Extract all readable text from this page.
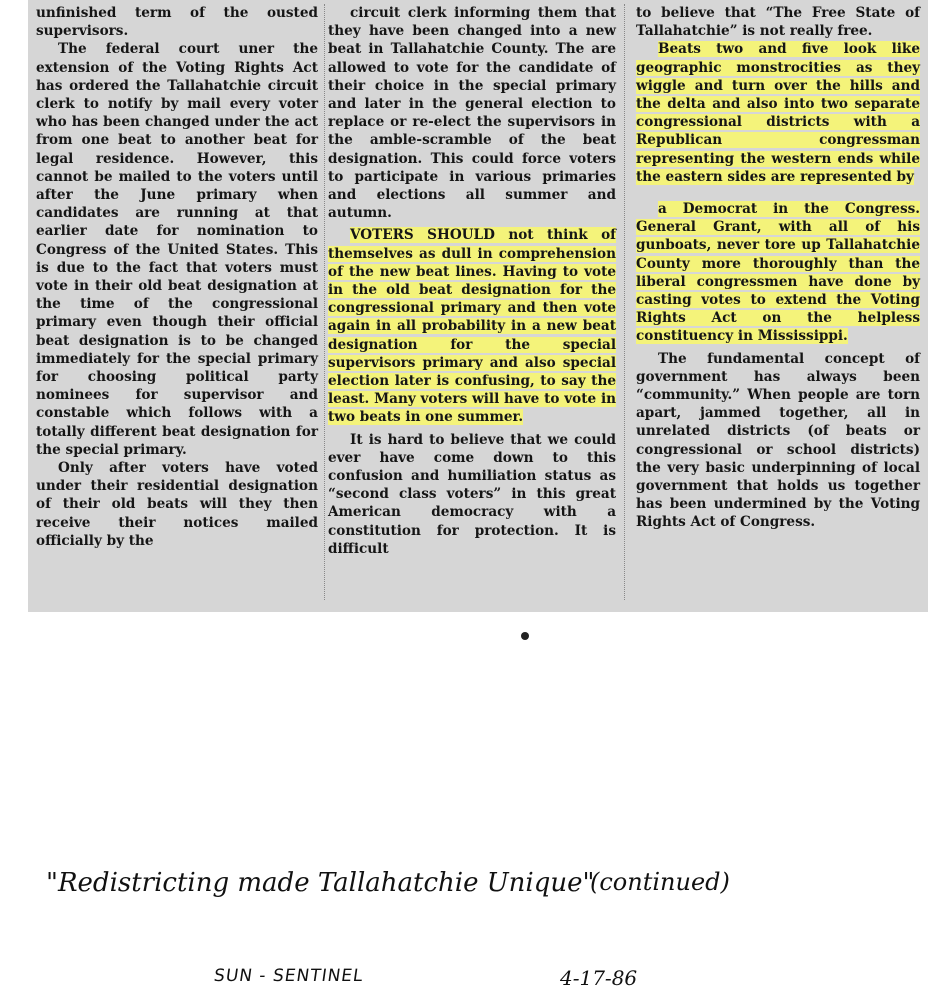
unfinished term of the ousted supervisors.

The federal court uner the extension of the Voting Rights Act has ordered the Tallahatchie circuit clerk to notify by mail every voter who has been changed under the act from one beat to another beat for legal residence. However, this cannot be mailed to the voters until after the June primary when candidates are running at that earlier date for nomination to Congress of the United States. This is due to the fact that voters must vote in their old beat designation at the time of the congressional primary even though their official beat designation is to be changed immediately for the special primary for choosing political party nominees for supervisor and constable which follows with a totally different beat designation for the special primary.

Only after voters have voted under their residential designation of their old beats will they then receive their notices mailed officially by the

circuit clerk informing them that they have been changed into a new beat in Tallahatchie County. The are allowed to vote for the candidate of their choice in the special primary and later in the general election to replace or re-elect the supervisors in the amble-scramble of the beat designation. This could force voters to participate in various primaries and elections all summer and autumn.

VOTERS SHOULD not think of themselves as dull in comprehension of the new beat lines. Having to vote in the old beat designation for the congressional primary and then vote again in all probability in a new beat designation for the special supervisors primary and also special election later is confusing, to say the least. Many voters will have to vote in two beats in one summer.

It is hard to believe that we could ever have come down to this confusion and humiliation status as “second class voters” in this great American democracy with a constitution for protection. It is difficult

to believe that “The Free State of Tallahatchie” is not really free.

Beats two and five look like geographic monstrocities as they wiggle and turn over the hills and the delta and also into two separate congressional districts with a Republican congressman representing the western ends while the eastern sides are represented by

a Democrat in the Congress. General Grant, with all of his gunboats, never tore up Tallahatchie County more thoroughly than the liberal congressmen have done by casting votes to extend the Voting Rights Act on the helpless constituency in Mississippi.

The fundamental concept of government has always been “community.” When people are torn apart, jammed together, all in unrelated districts (of beats or congressional or school districts) the very basic underpinning of local government that holds us together has been undermined by the Voting Rights Act of Congress.

"Redistricting made Tallahatchie Unique"
(continued)
SUN - SENTINEL	4-17-86
